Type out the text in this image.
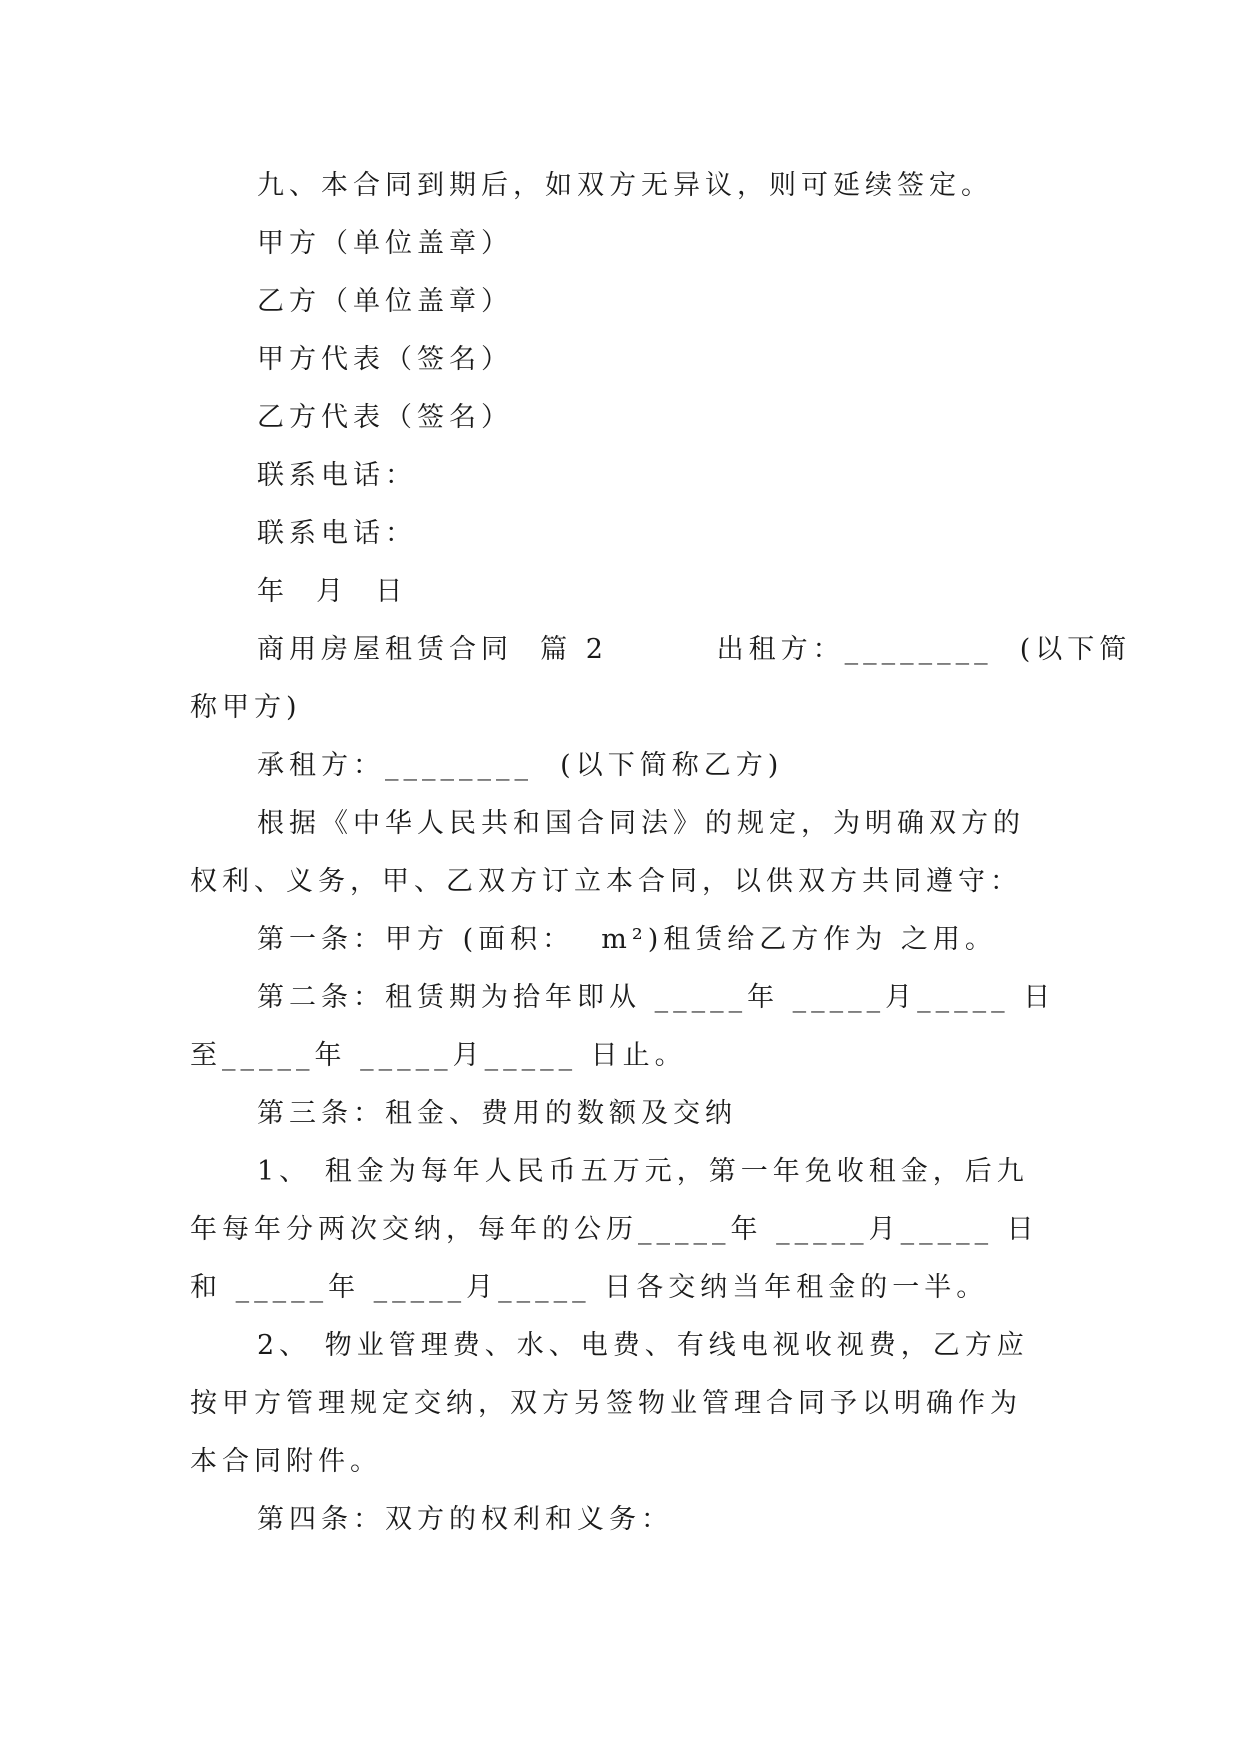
九、本合同到期后，如双方无异议，则可延续签定。
甲方（单位盖章）
乙方（单位盖章）
甲方代表（签名）
乙方代表（签名）
联系电话：
联系电话：
年  月  日
商用房屋租赁合同  篇 2        出租方：________  (以下简
称甲方)
承租方：________  (以下简称乙方)
根据《中华人民共和国合同法》的规定，为明确双方的
权利、义务，甲、乙双方订立本合同，以供双方共同遵守：
第一条：甲方 (面积：  m²)租赁给乙方作为 之用。
第二条：租赁期为拾年即从 _____年 _____月_____ 日
至_____年 _____月_____ 日止。
第三条：租金、费用的数额及交纳
1、 租金为每年人民币五万元，第一年免收租金，后九
年每年分两次交纳，每年的公历_____年 _____月_____ 日
和 _____年 _____月_____ 日各交纳当年租金的一半。
2、 物业管理费、水、电费、有线电视收视费，乙方应
按甲方管理规定交纳，双方另签物业管理合同予以明确作为
本合同附件。
第四条：双方的权利和义务：
